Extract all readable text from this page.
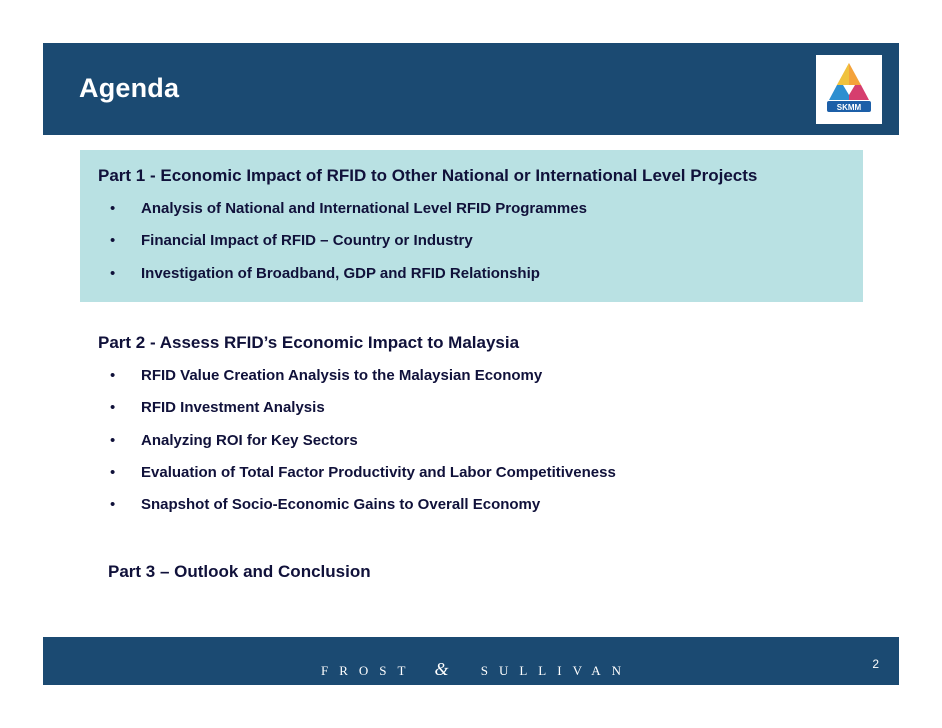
Agenda
SKMM
Part 1 - Economic Impact of RFID to Other National or International Level Projects
• Analysis of National and International Level RFID Programmes
• Financial Impact of RFID – Country or Industry
• Investigation of Broadband, GDP and RFID Relationship
Part 2 - Assess RFID’s Economic Impact to Malaysia
• RFID Value Creation Analysis to the Malaysian Economy
• RFID Investment Analysis
• Analyzing ROI for Key Sectors
• Evaluation of Total Factor Productivity and Labor Competitiveness
• Snapshot of Socio-Economic Gains to Overall Economy
Part 3 – Outlook and Conclusion
FROST & SULLIVAN	2
